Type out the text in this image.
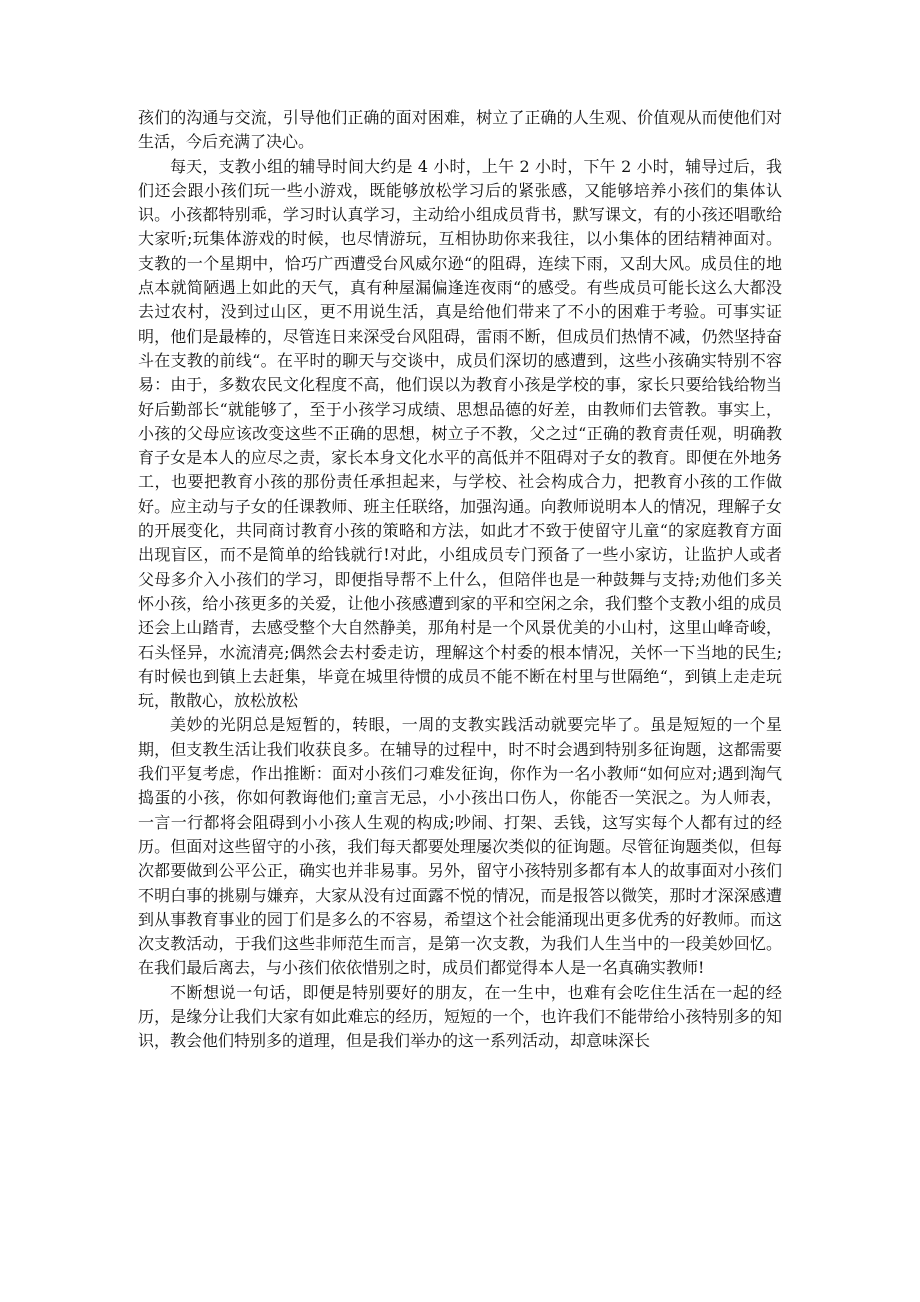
孩们的沟通与交流，引导他们正确的面对困难，树立了正确的人生观、价值观从而使他们对生活，今后充满了决心。

每天，支教小组的辅导时间大约是 4 小时，上午 2 小时，下午 2 小时，辅导过后，我们还会跟小孩们玩一些小游戏，既能够放松学习后的紧张感，又能够培养小孩们的集体认识。小孩都特别乖，学习时认真学习，主动给小组成员背书，默写课文，有的小孩还唱歌给大家听;玩集体游戏的时候，也尽情游玩，互相协助你来我往，以小集体的团结精神面对。支教的一个星期中，恰巧广西遭受台风威尔逊“的阻碍，连续下雨，又刮大风。成员住的地点本就简陋遇上如此的天气，真有种屋漏偏逢连夜雨“的感受。有些成员可能长这么大都没去过农村，没到过山区，更不用说生活，真是给他们带来了不小的困难于考验。可事实证明，他们是最棒的，尽管连日来深受台风阻碍，雷雨不断，但成员们热情不减，仍然坚持奋斗在支教的前线“。在平时的聊天与交谈中，成员们深切的感遭到，这些小孩确实特别不容易：由于，多数农民文化程度不高，他们误以为教育小孩是学校的事，家长只要给钱给物当好后勤部长“就能够了，至于小孩学习成绩、思想品德的好差，由教师们去管教。事实上，小孩的父母应该改变这些不正确的思想，树立子不教，父之过“正确的教育责任观，明确教育子女是本人的应尽之责，家长本身文化水平的高低并不阻碍对子女的教育。即便在外地务工，也要把教育小孩的那份责任承担起来，与学校、社会构成合力，把教育小孩的工作做好。应主动与子女的任课教师、班主任联络，加强沟通。向教师说明本人的情况，理解子女的开展变化，共同商讨教育小孩的策略和方法，如此才不致于使留守儿童“的家庭教育方面出现盲区，而不是简单的给钱就行!对此，小组成员专门预备了一些小家访，让监护人或者父母多介入小孩们的学习，即便指导帮不上什么，但陪伴也是一种鼓舞与支持;劝他们多关怀小孩，给小孩更多的关爱，让他小孩感遭到家的平和空闲之余，我们整个支教小组的成员还会上山踏青，去感受整个大自然静美，那角村是一个风景优美的小山村，这里山峰奇峻，石头怪异，水流清亮;偶然会去村委走访，理解这个村委的根本情况，关怀一下当地的民生;有时候也到镇上去赶集，毕竟在城里待惯的成员不能不断在村里与世隔绝“，到镇上走走玩玩，散散心，放松放松

美妙的光阴总是短暂的，转眼，一周的支教实践活动就要完毕了。虽是短短的一个星期，但支教生活让我们收获良多。在辅导的过程中，时不时会遇到特别多征询题，这都需要我们平复考虑，作出推断：面对小孩们刁难发征询，你作为一名小教师“如何应对;遇到淘气捣蛋的小孩，你如何教诲他们;童言无忌，小小孩出口伤人，你能否一笑泯之。为人师表，一言一行都将会阻碍到小小孩人生观的构成;吵闹、打架、丢钱，这写实每个人都有过的经历。但面对这些留守的小孩，我们每天都要处理屡次类似的征询题。尽管征询题类似，但每次都要做到公平公正，确实也并非易事。另外，留守小孩特别多都有本人的故事面对小孩们不明白事的挑剔与嫌弃，大家从没有过面露不悦的情况，而是报答以微笑，那时才深深感遭到从事教育事业的园丁们是多么的不容易，希望这个社会能涌现出更多优秀的好教师。而这次支教活动，于我们这些非师范生而言，是第一次支教，为我们人生当中的一段美妙回忆。在我们最后离去，与小孩们依依惜别之时，成员们都觉得本人是一名真确实教师!

不断想说一句话，即便是特别要好的朋友，在一生中，也难有会吃住生活在一起的经历，是缘分让我们大家有如此难忘的经历，短短的一个，也许我们不能带给小孩特别多的知识，教会他们特别多的道理，但是我们举办的这一系列活动，却意味深长
